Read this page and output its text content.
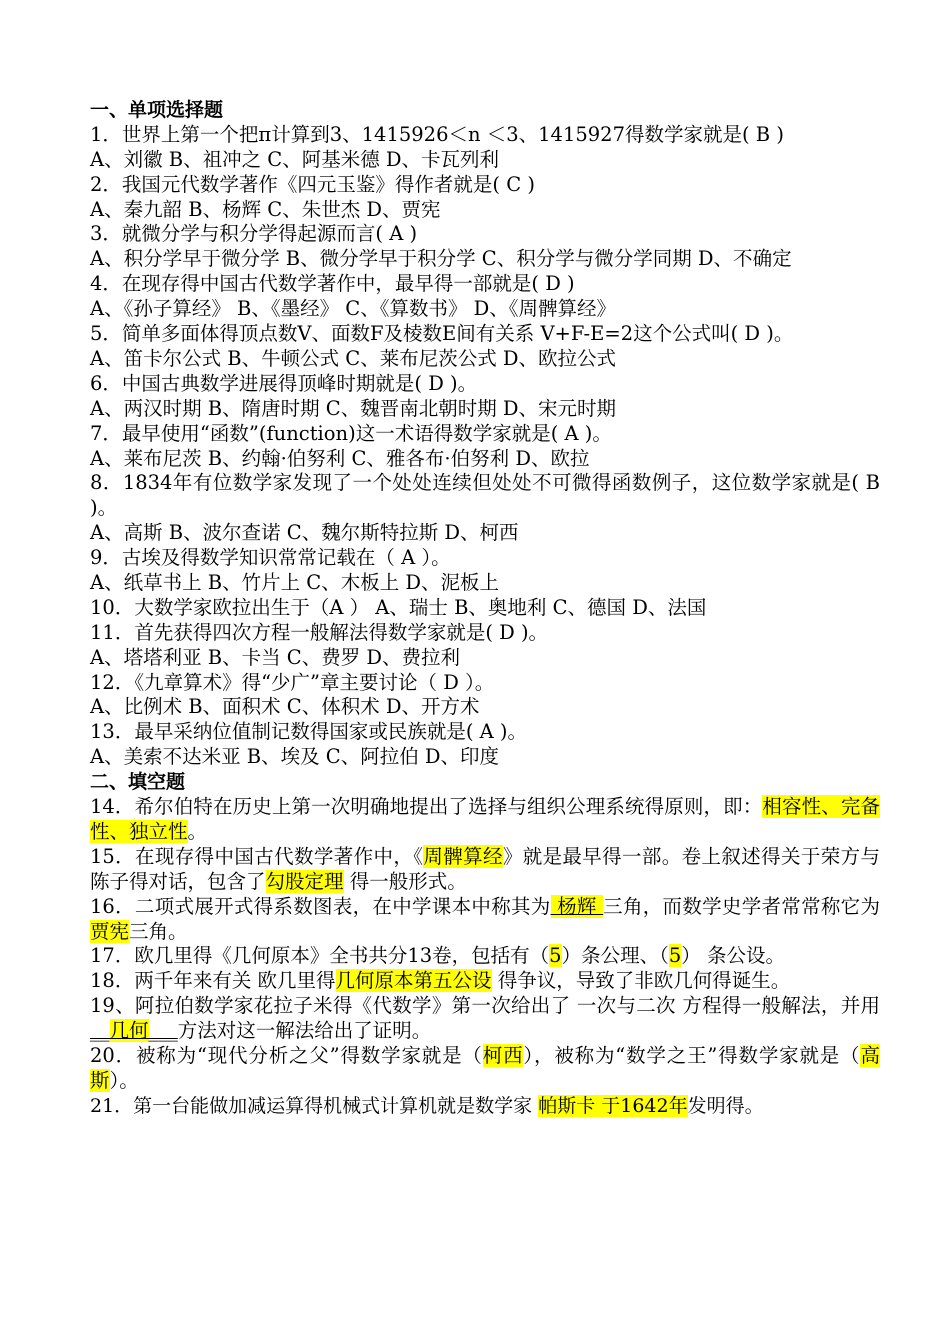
一、单项选择题
1．世界上第一个把π计算到3、1415926＜n ＜3、1415927得数学家就是( B )
A、刘徽 B、祖冲之 C、阿基米德 D、卡瓦列利
2．我国元代数学著作《四元玉鉴》得作者就是( C )
A、秦九韶 B、杨辉 C、朱世杰 D、贾宪
3．就微分学与积分学得起源而言( A )
A、积分学早于微分学 B、微分学早于积分学 C、积分学与微分学同期 D、不确定
4．在现存得中国古代数学著作中，最早得一部就是( D )
A、《孙子算经》 B、《墨经》 C、《算数书》 D、《周髀算经》
5．简单多面体得顶点数V、面数F及棱数E间有关系 V+F-E=2这个公式叫( D )。
A、笛卡尔公式 B、牛顿公式 C、莱布尼茨公式 D、欧拉公式
6．中国古典数学进展得顶峰时期就是( D )。
A、两汉时期 B、隋唐时期 C、魏晋南北朝时期 D、宋元时期
7．最早使用“函数”(function)这一术语得数学家就是( A )。
A、莱布尼茨 B、约翰·伯努利 C、雅各布·伯努利 D、欧拉
8．1834年有位数学家发现了一个处处连续但处处不可微得函数例子，这位数学家就是( B )。
A、高斯 B、波尔查诺 C、魏尔斯特拉斯 D、柯西
9．古埃及得数学知识常常记载在（ A ）。
A、纸草书上 B、竹片上 C、木板上 D、泥板上
10．大数学家欧拉出生于（A ） A、瑞士 B、奥地利 C、德国 D、法国
11．首先获得四次方程一般解法得数学家就是( D )。
A、塔塔利亚 B、卡当 C、费罗 D、费拉利
12．《九章算术》得“少广”章主要讨论（ D ）。
A、比例术 B、面积术 C、体积术 D、开方术
13．最早采纳位值制记数得国家或民族就是( A )。
A、美索不达米亚 B、埃及 C、阿拉伯 D、印度
二、填空题
14．希尔伯特在历史上第一次明确地提出了选择与组织公理系统得原则，即：相容性、完备性、独立性。
15．在现存得中国古代数学著作中，《周髀算经》就是最早得一部。卷上叙述得关于荣方与陈子得对话，包含了勾股定理 得一般形式。
16．二项式展开式得系数图表，在中学课本中称其为 杨辉 三角，而数学史学者常常称它为贾宪三角。
17．欧几里得《几何原本》全书共分13卷，包括有（5）条公理、（5） 条公设。
18．两千年来有关 欧几里得几何原本第五公设 得争议，导致了非欧几何得诞生。
19、阿拉伯数学家花拉子米得《代数学》第一次给出了 一次与二次 方程得一般解法，并用__几何___方法对这一解法给出了证明。
20．被称为“现代分析之父”得数学家就是（柯西），被称为“数学之王”得数学家就是（高斯）。
21．第一台能做加减运算得机械式计算机就是数学家 帕斯卡 于1642年发明得。
